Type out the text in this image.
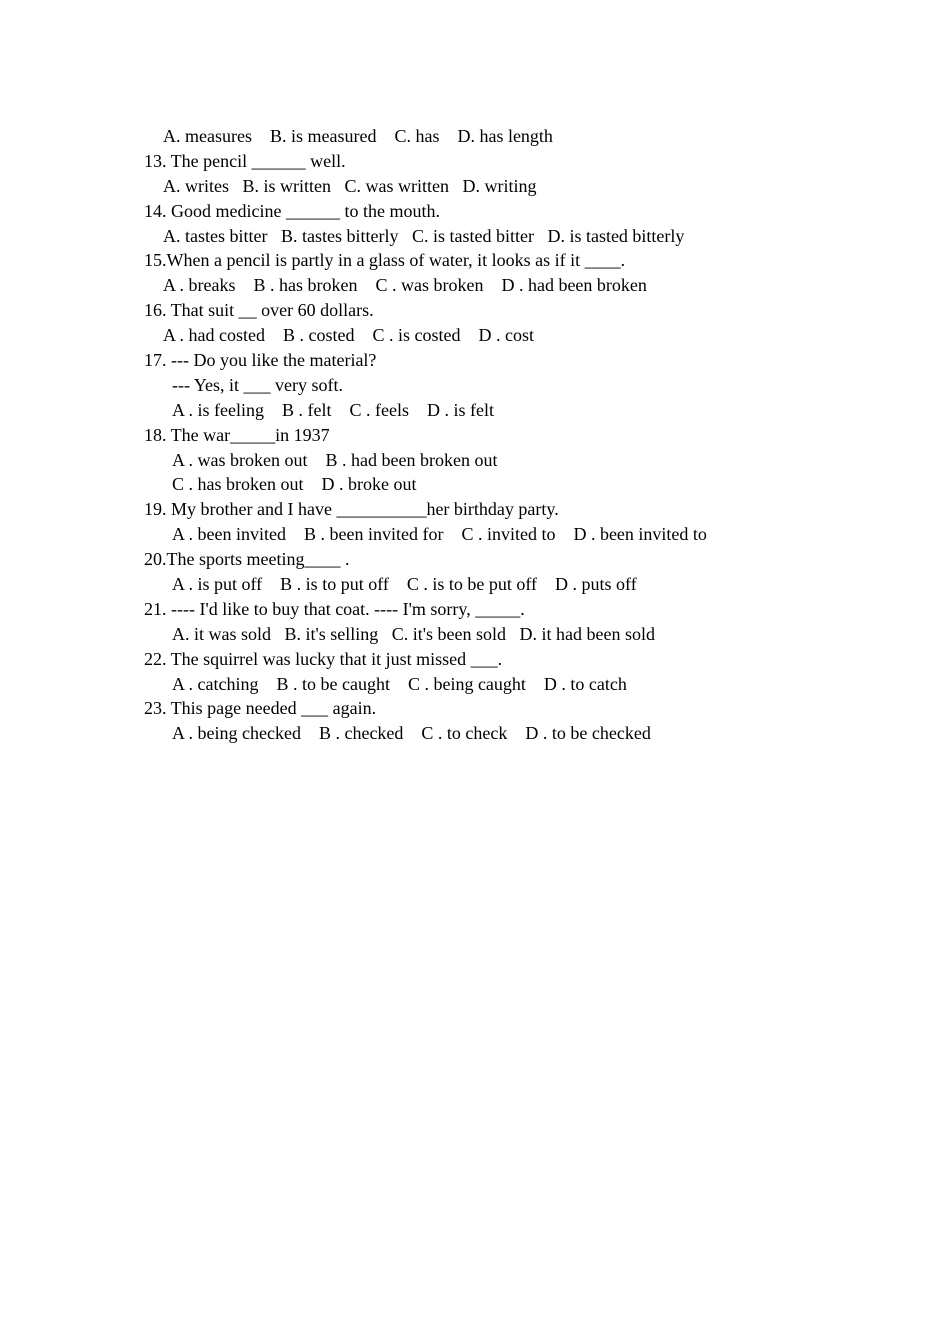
A. measures    B. is measured    C. has    D. has length
13. The pencil ______ well.
A. writes   B. is written   C. was written   D. writing
14. Good medicine ______ to the mouth.
A. tastes bitter   B. tastes bitterly   C. is tasted bitter   D. is tasted bitterly
15.When a pencil is partly in a glass of water, it looks as if it ____.
A . breaks    B . has broken    C . was broken    D . had been broken
16. That suit __ over 60 dollars.
A . had costed    B . costed    C . is costed    D . cost
17. --- Do you like the material?
--- Yes, it ___ very soft.
A . is feeling    B . felt    C . feels    D . is felt
18. The war_____in 1937
A . was broken out    B . had been broken out
C . has broken out    D . broke out
19. My brother and I have __________her birthday party.
A . been invited    B . been invited for    C . invited to    D . been invited to
20.The sports meeting____ .
A . is put off    B . is to put off    C . is to be put off    D . puts off
21. ---- I'd like to buy that coat. ---- I'm sorry, _____.
A. it was sold   B. it's selling   C. it's been sold   D. it had been sold
22. The squirrel was lucky that it just missed ___.
A . catching    B . to be caught    C . being caught    D . to catch
23. This page needed ___ again.
A . being checked    B . checked    C . to check    D . to be checked
